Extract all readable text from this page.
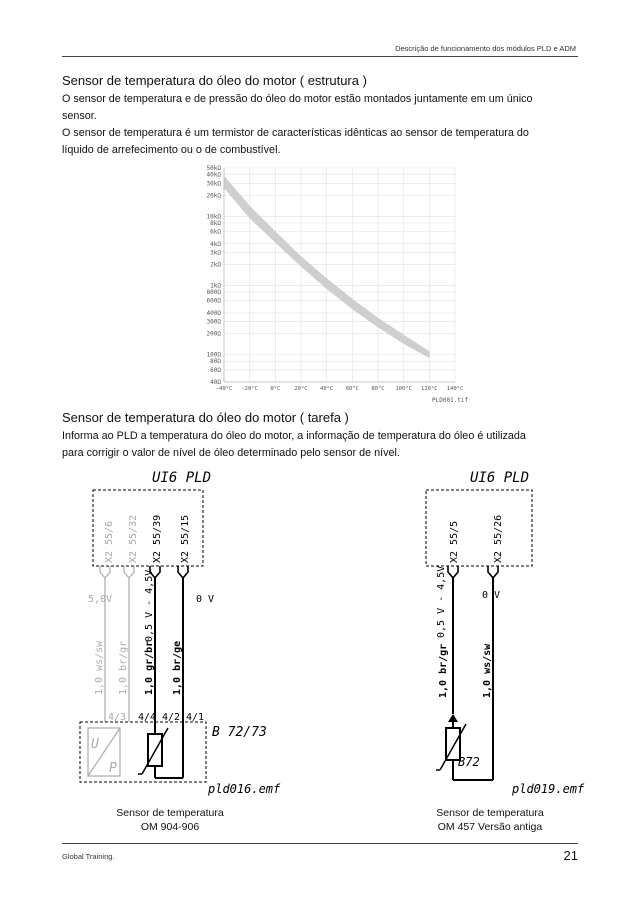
Descrição de funcionamento dos módulos PLD e ADM
Sensor de temperatura do óleo do motor ( estrutura )
O sensor de temperatura e de pressão do óleo do motor estão montados juntamente em um único
sensor.
O sensor de temperatura é um termistor de características idênticas ao sensor de temperatura do
líquido de arrefecimento ou o de combustível.
50kΩ
40kΩ
30kΩ
20kΩ
10kΩ
8kΩ
6kΩ
4kΩ
3kΩ
2kΩ
1kΩ
800Ω
600Ω
400Ω
300Ω
200Ω
100Ω
80Ω
60Ω
40Ω
-40°C -20°C 0°C	20°C 40°C 60°C 80°C 100°C 120°C 140°C
PLD001.tif
Sensor de temperatura do óleo do motor ( tarefa )
Informa ao PLD a temperatura do óleo do motor, a informação de temperatura do óleo é utilizada
para corrigir o valor de nível de óleo determinado pelo sensor de nível.
UI6 PLD
X2 55/6 X2 55/32 X2 55/39 X2 55/15
5,0V	0,5 V - 4,5V	0 V
1,0 ws/sw 1,0 br/gr 1,0 gr/br 1,0 br/ge
4/3 4/4 4/2 4/1
U
P
B 72/73
pld016.emf
UI6 PLD
X2 55/5	X2 55/26
0,5 V - 4,5V	0 V
1,0 br/gr	1,0 ws/sw
B72
pld019.emf
Sensor de temperatura
OM 904-906
Sensor de temperatura
OM 457 Versão antiga
Global Training.	21
